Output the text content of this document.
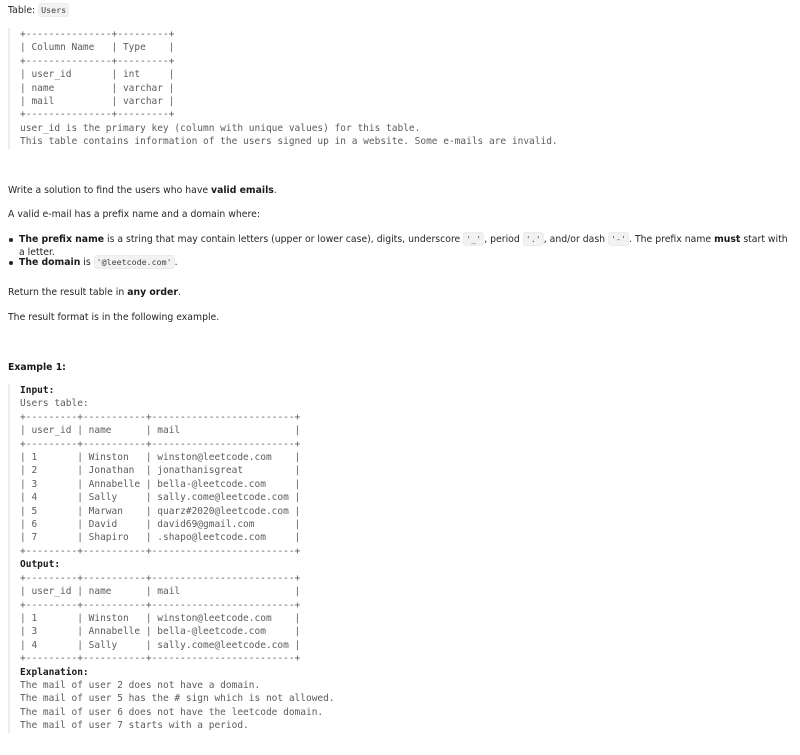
Table: Users

+---------------+---------+
| Column Name   | Type    |
+---------------+---------+
| user_id       | int     |
| name          | varchar |
| mail          | varchar |
+---------------+---------+
user_id is the primary key (column with unique values) for this table.
This table contains information of the users signed up in a website. Some e-mails are invalid.

Write a solution to find the users who have valid emails.

A valid e-mail has a prefix name and a domain where:

The prefix name is a string that may contain letters (upper or lower case), digits, underscore '_' , period '.' , and/or dash '-' . The prefix name must start with a letter.
The domain is '@leetcode.com' .

Return the result table in any order.

The result format is in the following example.

Example 1:

Input:
Users table:
+---------+-----------+-------------------------+
| user_id | name      | mail                    |
+---------+-----------+-------------------------+
| 1       | Winston   | winston@leetcode.com    |
| 2       | Jonathan  | jonathanisgreat         |
| 3       | Annabelle | bella-@leetcode.com     |
| 4       | Sally     | sally.come@leetcode.com |
| 5       | Marwan    | quarz#2020@leetcode.com |
| 6       | David     | david69@gmail.com       |
| 7       | Shapiro   | .shapo@leetcode.com     |
+---------+-----------+-------------------------+
Output:
+---------+-----------+-------------------------+
| user_id | name      | mail                    |
+---------+-----------+-------------------------+
| 1       | Winston   | winston@leetcode.com    |
| 3       | Annabelle | bella-@leetcode.com     |
| 4       | Sally     | sally.come@leetcode.com |
+---------+-----------+-------------------------+
Explanation:
The mail of user 2 does not have a domain.
The mail of user 5 has the # sign which is not allowed.
The mail of user 6 does not have the leetcode domain.
The mail of user 7 starts with a period.
